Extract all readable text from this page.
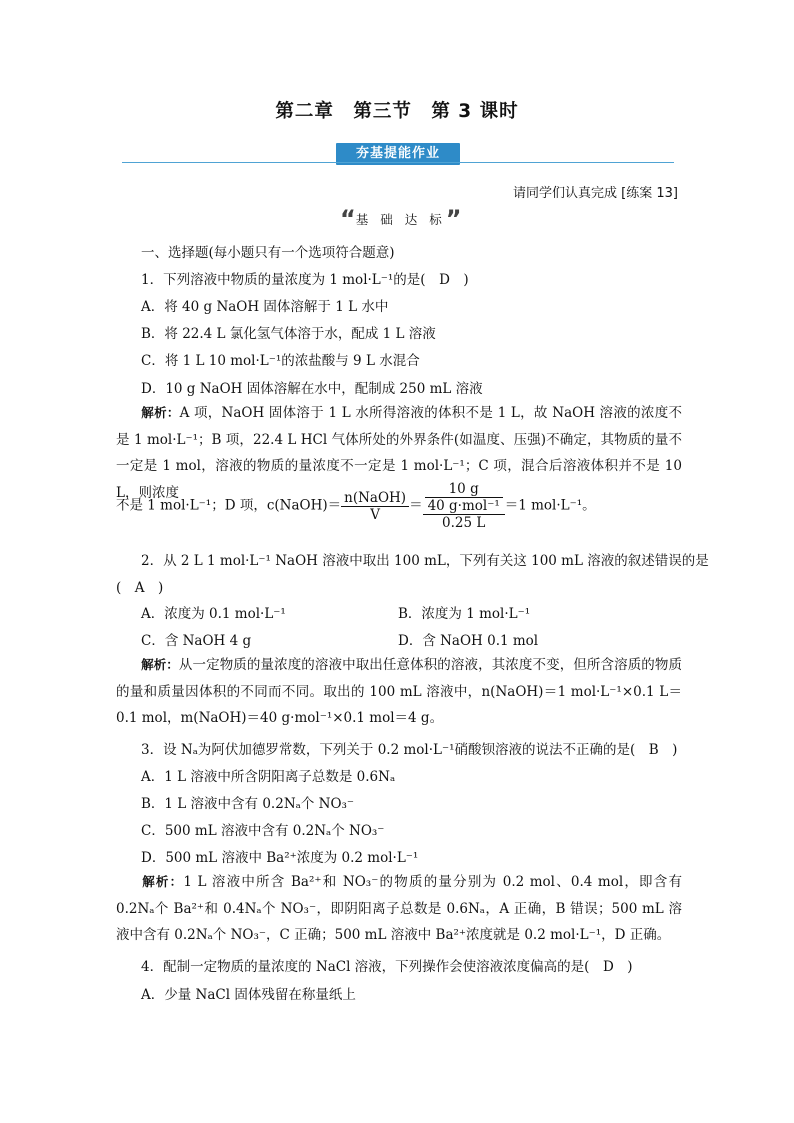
第二章　第三节　第 3 课时
夯基提能作业
请同学们认真完成 [练案 13]
“ 基 础 达 标 ”
一、选择题(每小题只有一个选项符合题意)
1．下列溶液中物质的量浓度为 1 mol·L⁻¹的是(　D　)
A．将 40 g NaOH 固体溶解于 1 L 水中
B．将 22.4 L 氯化氢气体溶于水，配成 1 L 溶液
C．将 1 L 10 mol·L⁻¹的浓盐酸与 9 L 水混合
D．10 g NaOH 固体溶解在水中，配制成 250 mL 溶液
解析：A 项，NaOH 固体溶于 1 L 水所得溶液的体积不是 1 L，故 NaOH 溶液的浓度不是 1 mol·L⁻¹；B 项，22.4 L HCl 气体所处的外界条件(如温度、压强)不确定，其物质的量不一定是 1 mol，溶液的物质的量浓度不一定是 1 mol·L⁻¹；C 项，混合后溶液体积并不是 10 L，则浓度
不是 1 mol·L⁻¹；D 项，c(NaOH)＝ $\frac{\text{n(NaOH)}}{V} = \frac{\frac{10 g}{\text{40 g·mol⁻¹}}}{0.25 L} =1$ mol·L⁻¹。
2．从 2 L 1 mol·L⁻¹ NaOH 溶液中取出 100 mL，下列有关这 100 mL 溶液的叙述错误的是
(　A　)
A．浓度为 0.1 mol·L⁻¹	B．浓度为 1 mol·L⁻¹
C．含 NaOH 4 g	D．含 NaOH 0.1 mol
解析：从一定物质的量浓度的溶液中取出任意体积的溶液，其浓度不变，但所含溶质的物质的量和质量因体积的不同而不同。取出的 100 mL 溶液中，n(NaOH)＝1 mol·L⁻¹×0.1 L＝0.1 mol，m(NaOH)＝40 g·mol⁻¹×0.1 mol＝4 g。
3．设 Nₐ为阿伏加德罗常数，下列关于 0.2 mol·L⁻¹硝酸钡溶液的说法不正确的是(　B　)
A．1 L 溶液中所含阴阳离子总数是 0.6Nₐ
B．1 L 溶液中含有 0.2Nₐ个 NO₃⁻
C．500 mL 溶液中含有 0.2Nₐ个 NO₃⁻
D．500 mL 溶液中 Ba²⁺浓度为 0.2 mol·L⁻¹
解析：1 L 溶液中所含 Ba²⁺和 NO₃⁻的物质的量分别为 0.2 mol、0.4 mol，即含有 0.2Nₐ个 Ba²⁺和 0.4Nₐ个 NO₃⁻，即阴阳离子总数是 0.6Nₐ，A 正确，B 错误；500 mL 溶液中含有 0.2Nₐ个 NO₃⁻，C 正确；500 mL 溶液中 Ba²⁺浓度就是 0.2 mol·L⁻¹，D 正确。
4．配制一定物质的量浓度的 NaCl 溶液，下列操作会使溶液浓度偏高的是(　D　)
A．少量 NaCl 固体残留在称量纸上
